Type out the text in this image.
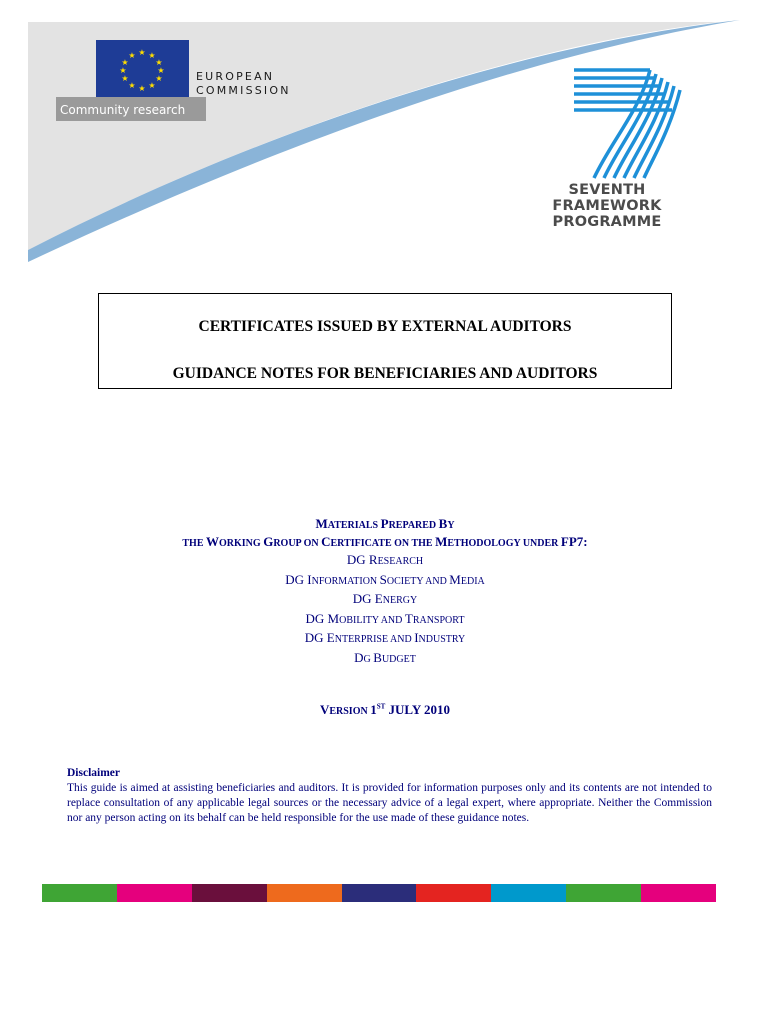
★ ★
★
★
★
★
★
★
★
★
★
★
EUROPEAN
COMMISSION
Community research
SEVENTH FRAMEWORK
PROGRAMME
CERTIFICATES ISSUED BY EXTERNAL AUDITORS
GUIDANCE NOTES FOR BENEFICIARIES AND AUDITORS
MATERIALS PREPARED BY
THE WORKING GROUP ON CERTIFICATE ON THE METHODOLOGY UNDER FP7:
DG RESEARCH
DG INFORMATION SOCIETY AND MEDIA
DG ENERGY
DG MOBILITY AND TRANSPORT
DG ENTERPRISE AND INDUSTRY
DG BUDGET
VERSION 1ST JULY 2010
Disclaimer
This guide is aimed at assisting beneficiaries and auditors. It is provided for information purposes only and its contents are not intended to replace consultation of any applicable legal sources or the necessary advice of a legal expert, where appropriate. Neither the Commission nor any person acting on its behalf can be held responsible for the use made of these guidance notes.
